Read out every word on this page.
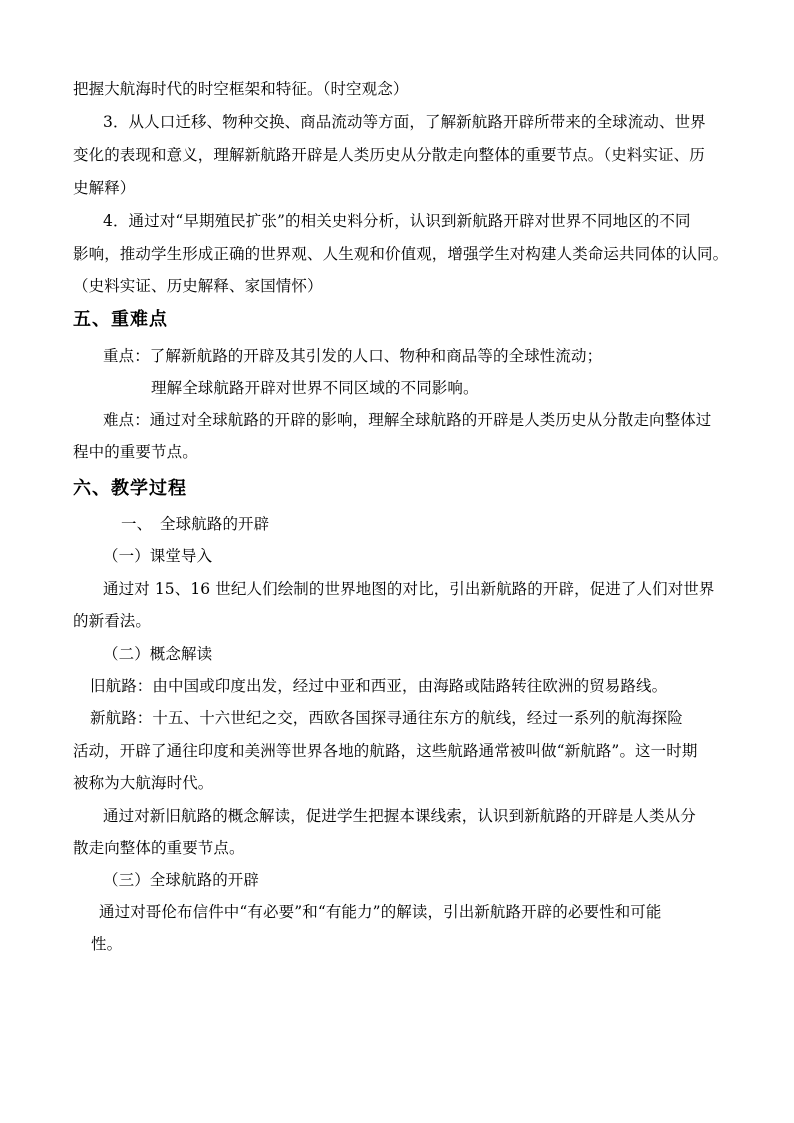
把握大航海时代的时空框架和特征。（时空观念）
3．从人口迁移、物种交换、商品流动等方面，了解新航路开辟所带来的全球流动、世界
变化的表现和意义，理解新航路开辟是人类历史从分散走向整体的重要节点。（史料实证、历
史解释）
4．通过对“早期殖民扩张”的相关史料分析，认识到新航路开辟对世界不同地区的不同
影响，推动学生形成正确的世界观、人生观和价值观，增强学生对构建人类命运共同体的认同。
（史料实证、历史解释、家国情怀）
五、重难点
重点：了解新航路的开辟及其引发的人口、物种和商品等的全球性流动；
理解全球航路开辟对世界不同区域的不同影响。
难点：通过对全球航路的开辟的影响，理解全球航路的开辟是人类历史从分散走向整体过
程中的重要节点。
六、教学过程
一、　全球航路的开辟
（一）课堂导入
通过对 15、16 世纪人们绘制的世界地图的对比，引出新航路的开辟，促进了人们对世界
的新看法。
（二）概念解读
旧航路：由中国或印度出发，经过中亚和西亚，由海路或陆路转往欧洲的贸易路线。
新航路：十五、十六世纪之交，西欧各国探寻通往东方的航线，经过一系列的航海探险
活动，开辟了通往印度和美洲等世界各地的航路，这些航路通常被叫做“新航路”。这一时期
被称为大航海时代。
通过对新旧航路的概念解读，促进学生把握本课线索，认识到新航路的开辟是人类从分
散走向整体的重要节点。
（三）全球航路的开辟
通过对哥伦布信件中“有必要”和“有能力”的解读，引出新航路开辟的必要性和可能
性。
